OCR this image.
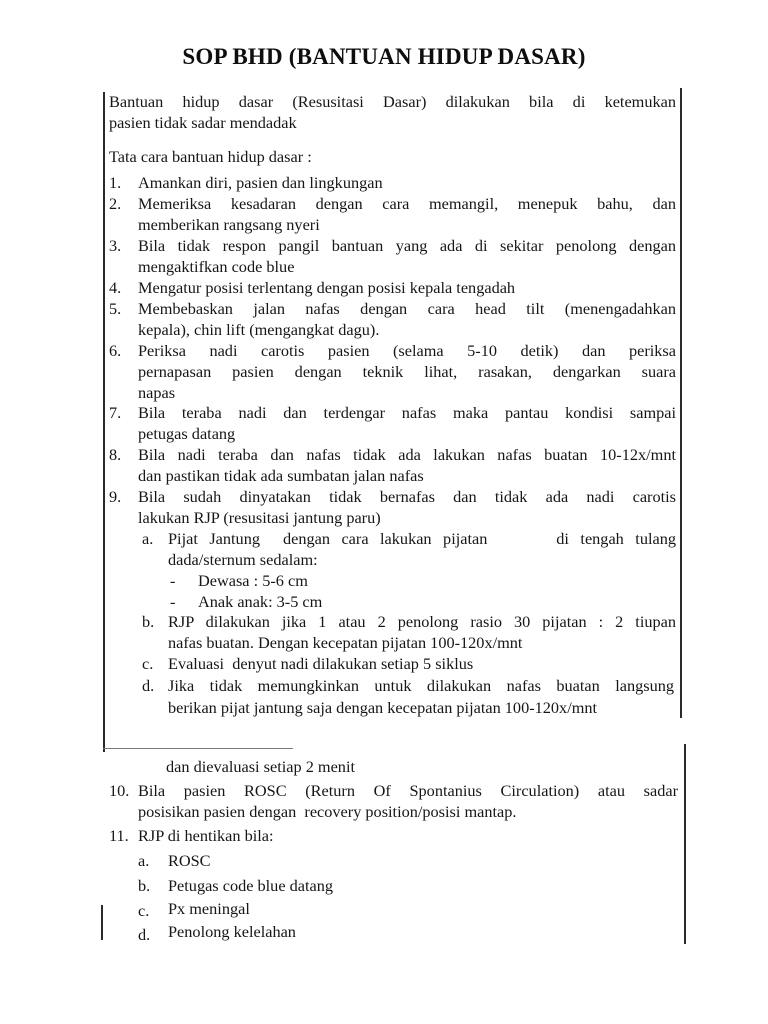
SOP BHD (BANTUAN HIDUP DASAR)
Bantuan hidup dasar (Resusitasi Dasar) dilakukan bila di ketemukan
pasien tidak sadar mendadak
Tata cara bantuan hidup dasar :
1. Amankan diri, pasien dan lingkungan
2. Memeriksa kesadaran dengan cara memangil, menepuk bahu, dan
memberikan rangsang nyeri
3. Bila tidak respon pangil bantuan yang ada di sekitar penolong dengan
mengaktifkan code blue
4. Mengatur posisi terlentang dengan posisi kepala tengadah
5. Membebaskan jalan nafas dengan cara head tilt (menengadahkan
kepala), chin lift (mengangkat dagu).
6. Periksa nadi carotis pasien (selama 5-10 detik) dan periksa
pernapasan pasien dengan teknik lihat, rasakan, dengarkan suara
napas
7. Bila teraba nadi dan terdengar nafas maka pantau kondisi sampai
petugas datang
8. Bila nadi teraba dan nafas tidak ada lakukan nafas buatan 10-12x/mnt
dan pastikan tidak ada sumbatan jalan nafas
9. Bila sudah dinyatakan tidak bernafas dan tidak ada nadi carotis
lakukan RJP (resusitasi jantung paru)
a. Pijat Jantung  dengan cara lakukan pijatan      di tengah tulang
dada/sternum sedalam:
- Dewasa : 5-6 cm
- Anak anak: 3-5 cm
b. RJP dilakukan jika 1 atau 2 penolong rasio 30 pijatan : 2 tiupan
nafas buatan. Dengan kecepatan pijatan 100-120x/mnt
c. Evaluasi  denyut nadi dilakukan setiap 5 siklus
d. Jika tidak memungkinkan untuk dilakukan nafas buatan langsung
berikan pijat jantung saja dengan kecepatan pijatan 100-120x/mnt
dan dievaluasi setiap 2 menit
10. Bila pasien ROSC (Return Of Spontanius Circulation) atau sadar
posisikan pasien dengan  recovery position/posisi mantap.
11. RJP di hentikan bila:
a. ROSC
b. Petugas code blue datang
c. Px meningal
d. Penolong kelelahan
